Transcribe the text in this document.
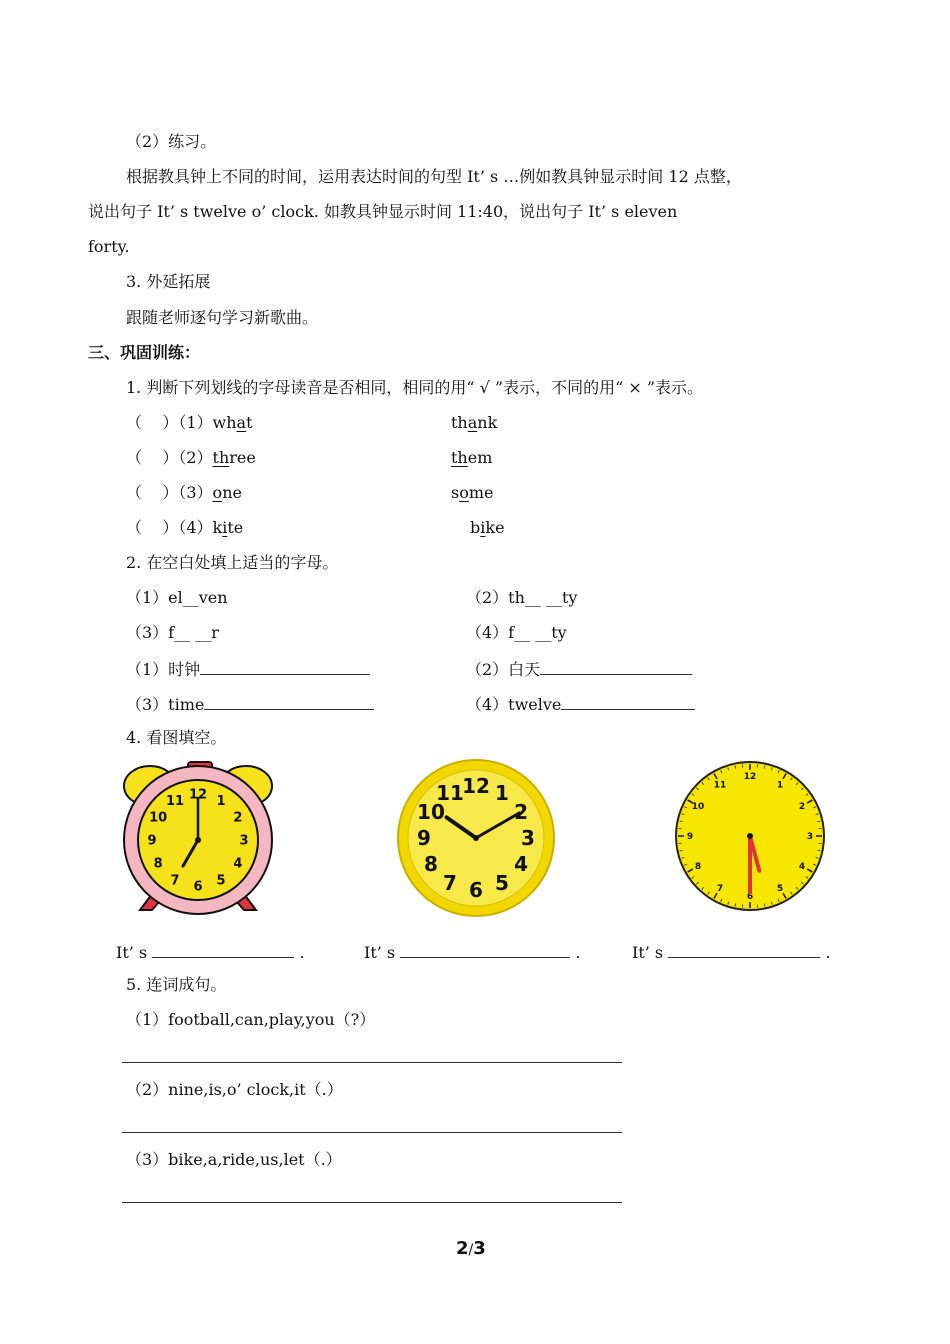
（2）练习。
根据教具钟上不同的时间，运用表达时间的句型 It’ s …例如教具钟显示时间 12 点整，
说出句子 It’ s twelve o’ clock. 如教具钟显示时间 11:40，说出句子 It’ s eleven
forty.
3. 外延拓展
跟随老师逐句学习新歌曲。
三、巩固训练：
1. 判断下列划线的字母读音是否相同，相同的用“ √ ”表示，不同的用“ × ”表示。
（    ）（1）what	thank
（    ）（2）three	them
（    ）（3）one	some
（    ）（4）kite	bike
2. 在空白处填上适当的字母。
（1）el__ven	（2）th__ __ty
（3）f__ __r	（4）f__ __ty
（1）时钟	（2）白天
（3）time	（4）twelve
4. 看图填空。
12 1
2
3
4
5
6
7
8
9
10
11
12 1
2
3
4
5
6
7
8
9
10
11
12
1
2
3
4
5
6
7
8
9
10
11
It’ s	.	It’ s	.	It’ s	.
5. 连词成句。
（1）football,can,play,you（?）
（2）nine,is,o’ clock,it（.）
（3）bike,a,ride,us,let（.）
2/3
